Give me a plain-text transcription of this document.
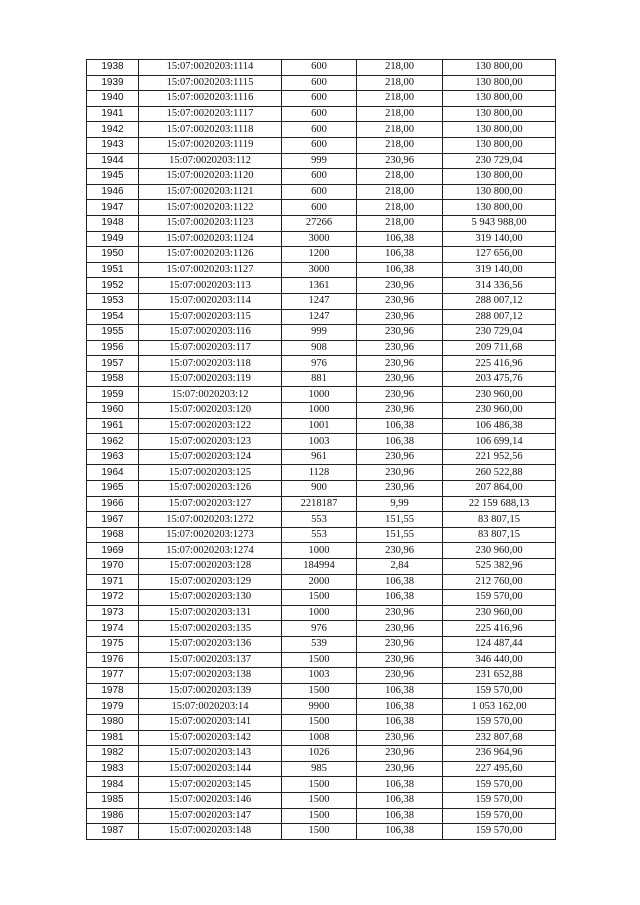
1938	15:07:0020203:1114	600	218,00	130 800,00
1939	15:07:0020203:1115	600	218,00	130 800,00
1940	15:07:0020203:1116	600	218,00	130 800,00
1941	15:07:0020203:1117	600	218,00	130 800,00
1942	15:07:0020203:1118	600	218,00	130 800,00
1943	15:07:0020203:1119	600	218,00	130 800,00
1944	15:07:0020203:112	999	230,96	230 729,04
1945	15:07:0020203:1120	600	218,00	130 800,00
1946	15:07:0020203:1121	600	218,00	130 800,00
1947	15:07:0020203:1122	600	218,00	130 800,00
1948	15:07:0020203:1123	27266	218,00	5 943 988,00
1949	15:07:0020203:1124	3000	106,38	319 140,00
1950	15:07:0020203:1126	1200	106,38	127 656,00
1951	15:07:0020203:1127	3000	106,38	319 140,00
1952	15:07:0020203:113	1361	230,96	314 336,56
1953	15:07:0020203:114	1247	230,96	288 007,12
1954	15:07:0020203:115	1247	230,96	288 007,12
1955	15:07:0020203:116	999	230,96	230 729,04
1956	15:07:0020203:117	908	230,96	209 711,68
1957	15:07:0020203:118	976	230,96	225 416,96
1958	15:07:0020203:119	881	230,96	203 475,76
1959	15:07:0020203:12	1000	230,96	230 960,00
1960	15:07:0020203:120	1000	230,96	230 960,00
1961	15:07:0020203:122	1001	106,38	106 486,38
1962	15:07:0020203:123	1003	106,38	106 699,14
1963	15:07:0020203:124	961	230,96	221 952,56
1964	15:07:0020203:125	1128	230,96	260 522,88
1965	15:07:0020203:126	900	230,96	207 864,00
1966	15:07:0020203:127	2218187	9,99	22 159 688,13
1967	15:07:0020203:1272	553	151,55	83 807,15
1968	15:07:0020203:1273	553	151,55	83 807,15
1969	15:07:0020203:1274	1000	230,96	230 960,00
1970	15:07:0020203:128	184994	2,84	525 382,96
1971	15:07:0020203:129	2000	106,38	212 760,00
1972	15:07:0020203:130	1500	106,38	159 570,00
1973	15:07:0020203:131	1000	230,96	230 960,00
1974	15:07:0020203:135	976	230,96	225 416,96
1975	15:07:0020203:136	539	230,96	124 487,44
1976	15:07:0020203:137	1500	230,96	346 440,00
1977	15:07:0020203:138	1003	230,96	231 652,88
1978	15:07:0020203:139	1500	106,38	159 570,00
1979	15:07:0020203:14	9900	106,38	1 053 162,00
1980	15:07:0020203:141	1500	106,38	159 570,00
1981	15:07:0020203:142	1008	230,96	232 807,68
1982	15:07:0020203:143	1026	230,96	236 964,96
1983	15:07:0020203:144	985	230,96	227 495,60
1984	15:07:0020203:145	1500	106,38	159 570,00
1985	15:07:0020203:146	1500	106,38	159 570,00
1986	15:07:0020203:147	1500	106,38	159 570,00
1987	15:07:0020203:148	1500	106,38	159 570,00
